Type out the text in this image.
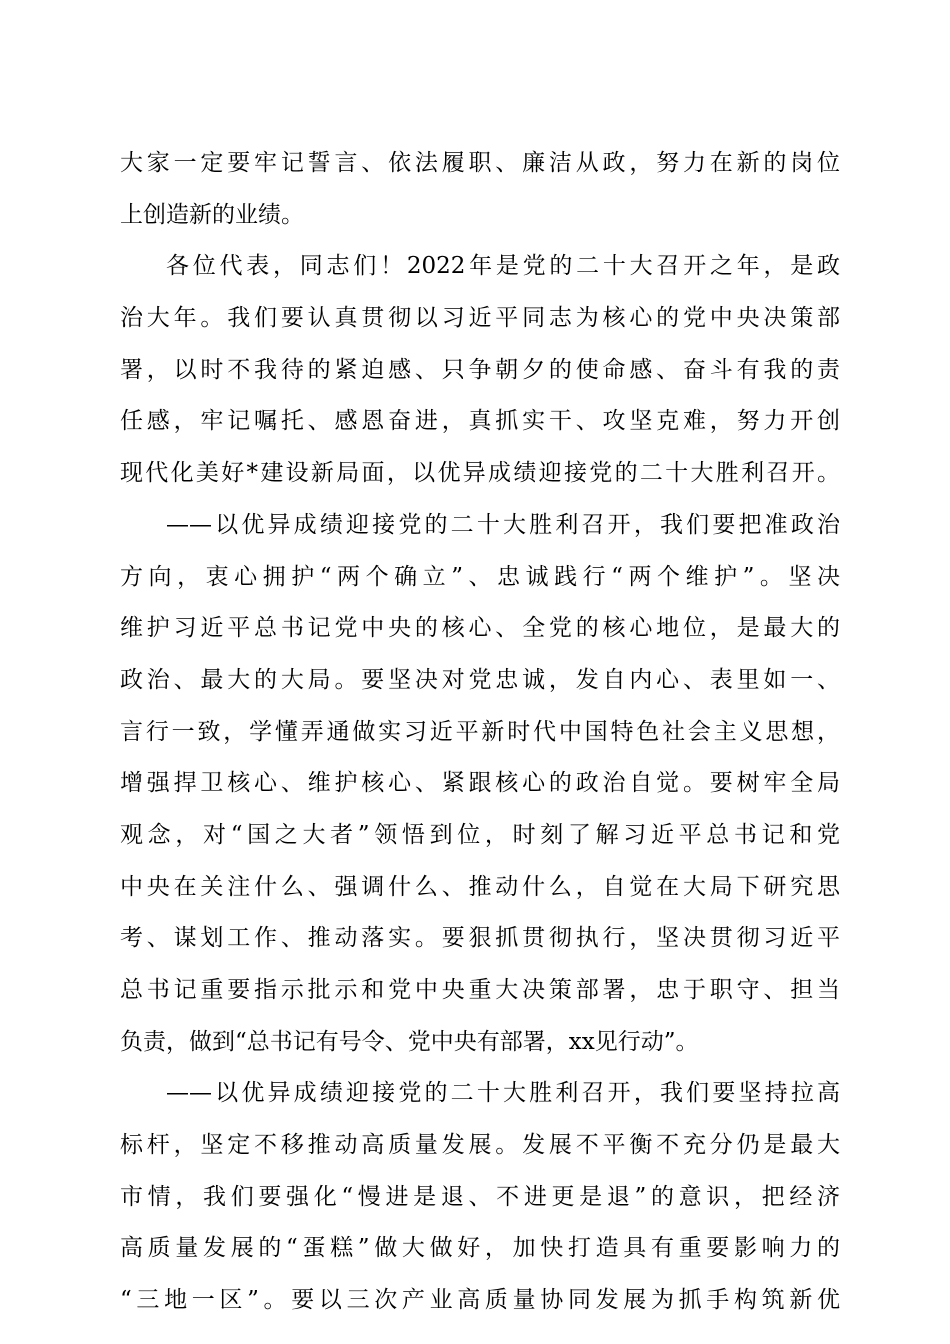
大家一定要牢记誓言、依法履职、廉洁从政，努力在新的岗位
上创造新的业绩。
各位代表，同志们！2022年是党的二十大召开之年，是政
治大年。我们要认真贯彻以习近平同志为核心的党中央决策部
署，以时不我待的紧迫感、只争朝夕的使命感、奋斗有我的责
任感，牢记嘱托、感恩奋进，真抓实干、攻坚克难，努力开创
现代化美好*建设新局面，以优异成绩迎接党的二十大胜利召开。
——以优异成绩迎接党的二十大胜利召开，我们要把准政治
方向，衷心拥护“两个确立”、忠诚践行“两个维护”。坚决
维护习近平总书记党中央的核心、全党的核心地位，是最大的
政治、最大的大局。要坚决对党忠诚，发自内心、表里如一、
言行一致，学懂弄通做实习近平新时代中国特色社会主义思想，
增强捍卫核心、维护核心、紧跟核心的政治自觉。要树牢全局
观念，对“国之大者”领悟到位，时刻了解习近平总书记和党
中央在关注什么、强调什么、推动什么，自觉在大局下研究思
考、谋划工作、推动落实。要狠抓贯彻执行，坚决贯彻习近平
总书记重要指示批示和党中央重大决策部署，忠于职守、担当
负责，做到“总书记有号令、党中央有部署，xx见行动”。
——以优异成绩迎接党的二十大胜利召开，我们要坚持拉高
标杆，坚定不移推动高质量发展。发展不平衡不充分仍是最大
市情，我们要强化“慢进是退、不进更是退”的意识，把经济
高质量发展的“蛋糕”做大做好，加快打造具有重要影响力的
“三地一区”。要以三次产业高质量协同发展为抓手构筑新优
